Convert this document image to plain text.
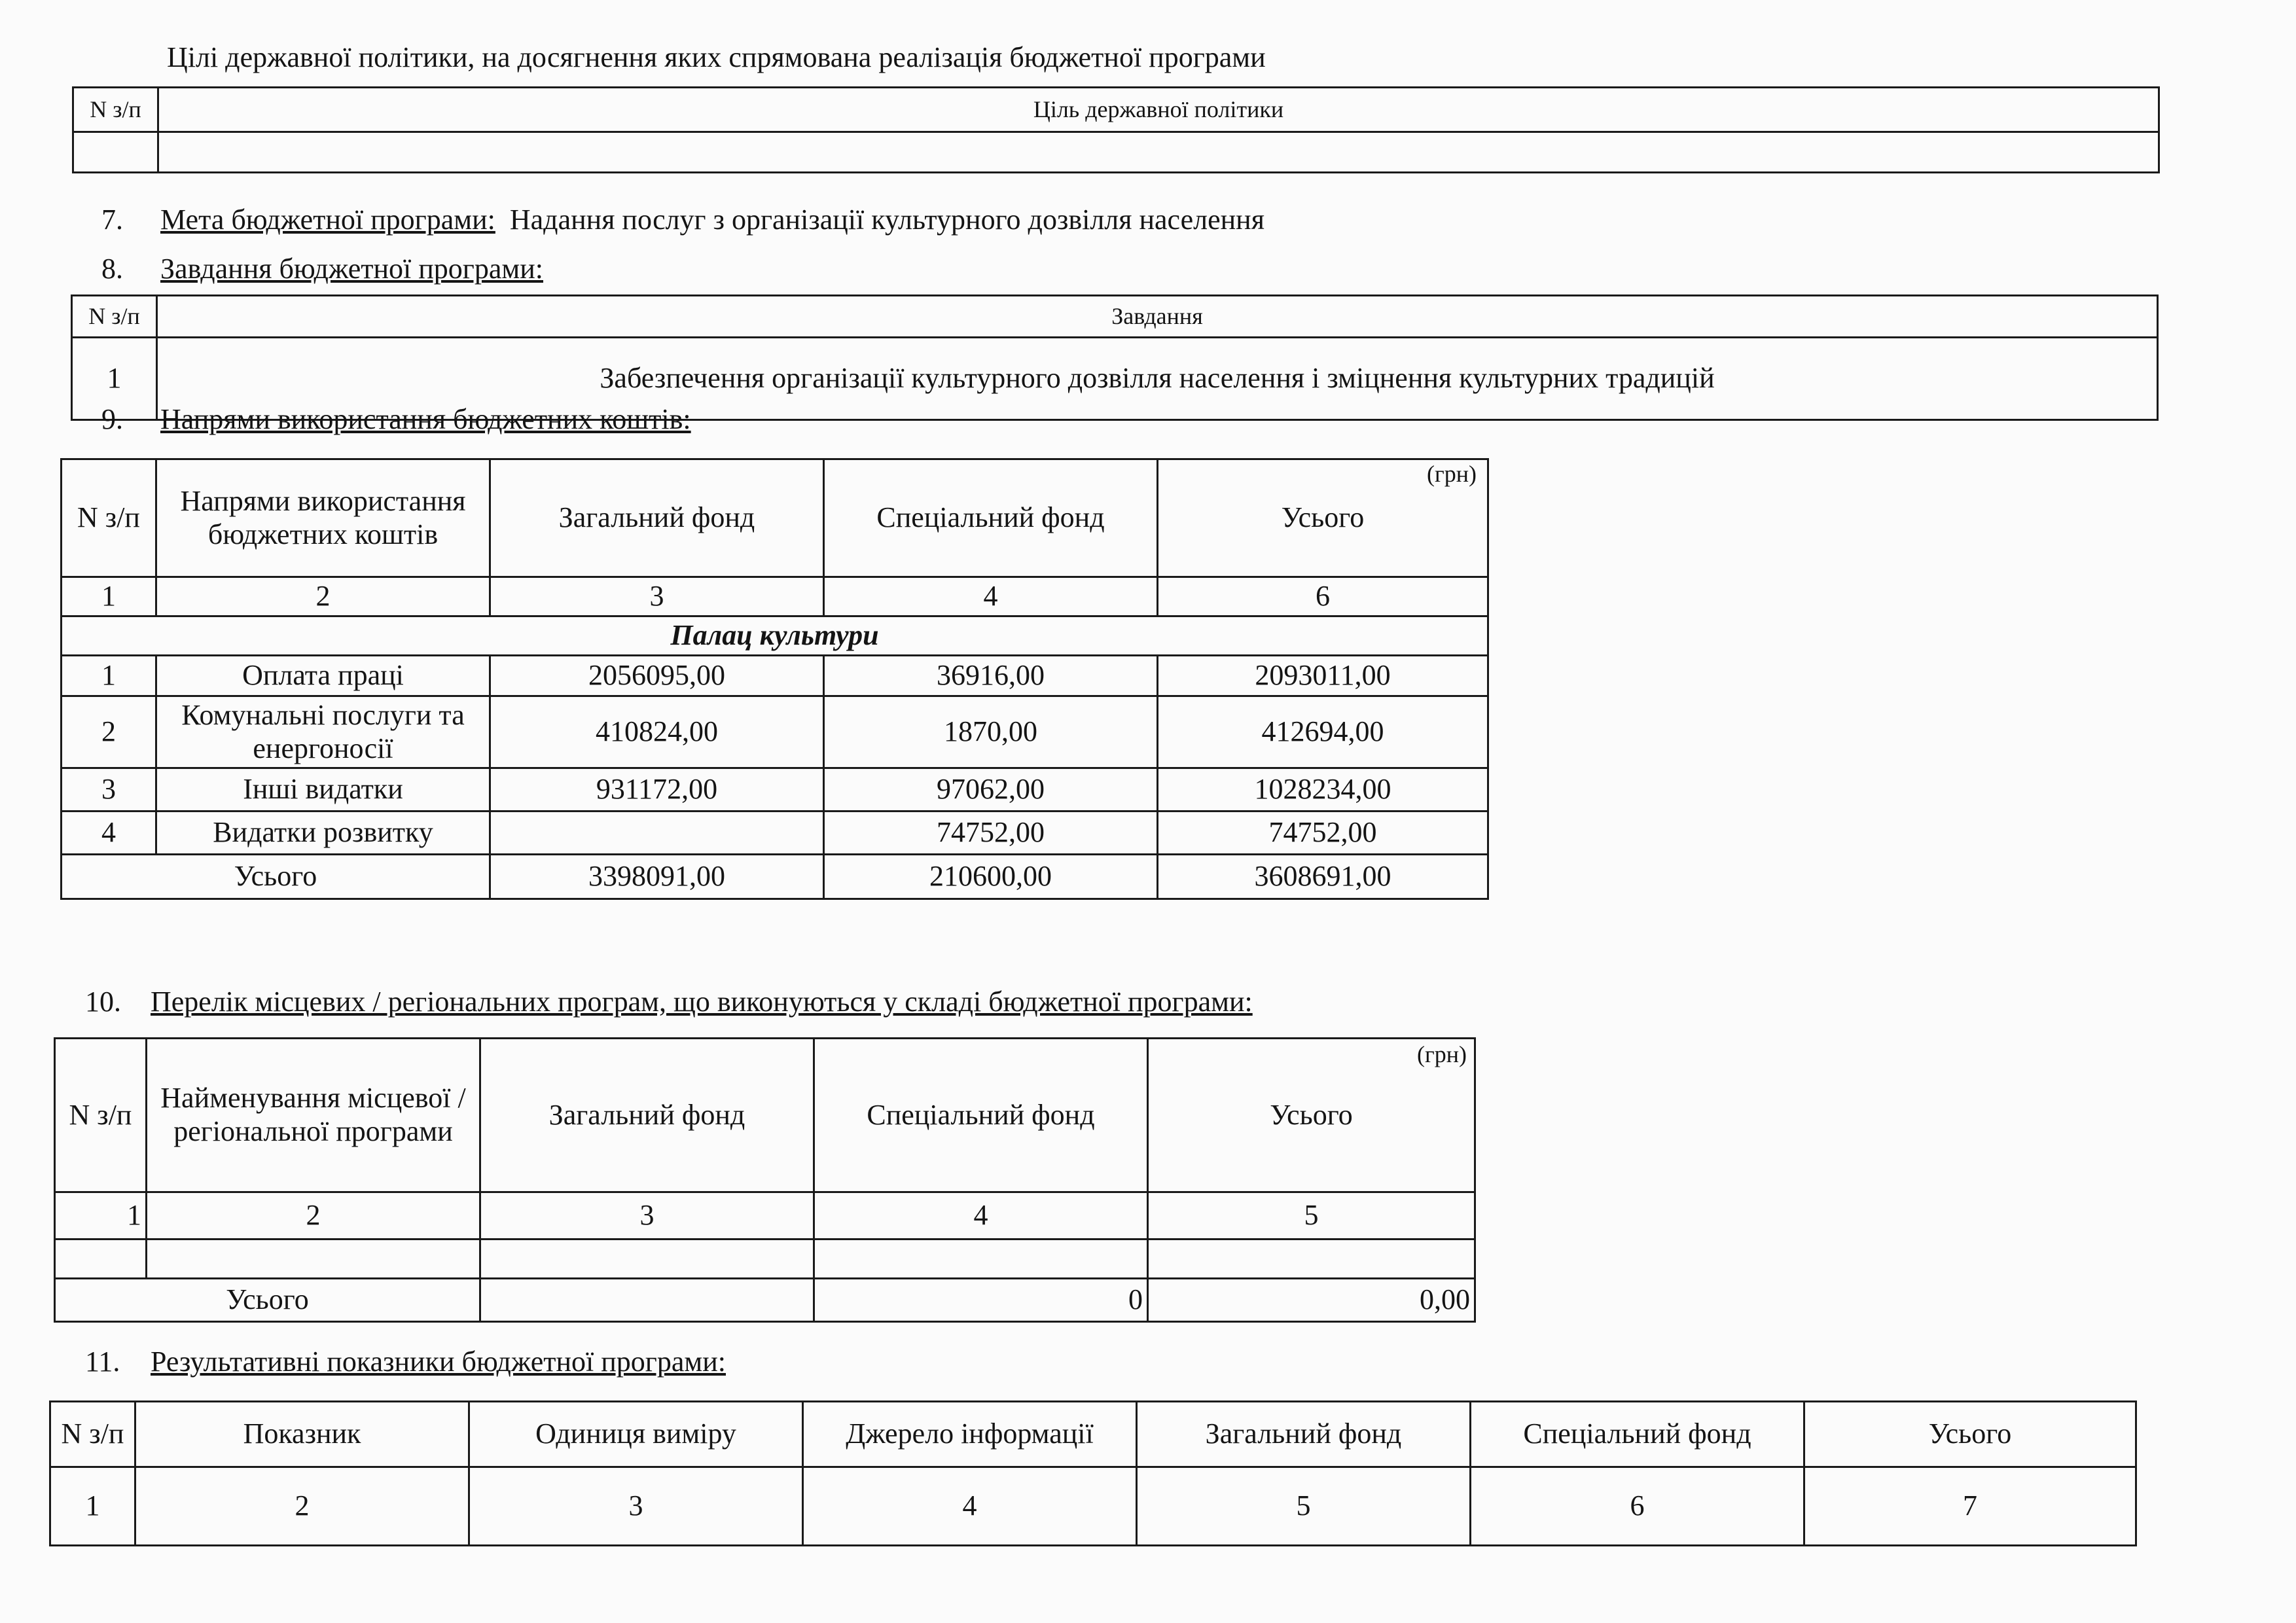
Цілі державної політики, на досягнення яких спрямована реалізація бюджетної програми
N з/п	Ціль державної політики

7. Мета бюджетної програми: Надання послуг з організації культурного дозвілля населення
8. Завдання бюджетної програми:
N з/п	Завдання
1	Забезпечення організації культурного дозвілля населення і зміцнення культурних традицій
9. Напрями використання бюджетних коштів:
(грн)
N з/п	Напрями використання бюджетних коштів	Загальний фонд	Спеціальний фонд	Усього
1	2	3	4	6
Палац культури				
1	Оплата праці	2056095,00	36916,00	2093011,00
2	Комунальні послуги та енергоносії	410824,00	1870,00	412694,00
3	Інші видатки	931172,00	97062,00	1028234,00
4	Видатки розвитку		74752,00	74752,00
Усього		3398091,00	210600,00	3608691,00
10. Перелік місцевих / регіональних програм, що виконуються у складі бюджетної програми:
(грн)
N з/п	Найменування місцевої / регіональної програми	Загальний фонд	Спеціальний фонд	Усього
1	2	3	4	5

Усього			0	0,00
11. Результативні показники бюджетної програми:
N з/п	Показник	Одиниця виміру	Джерело інформації	Загальний фонд	Спеціальний фонд	Усього
1	2	3	4	5	6	7
